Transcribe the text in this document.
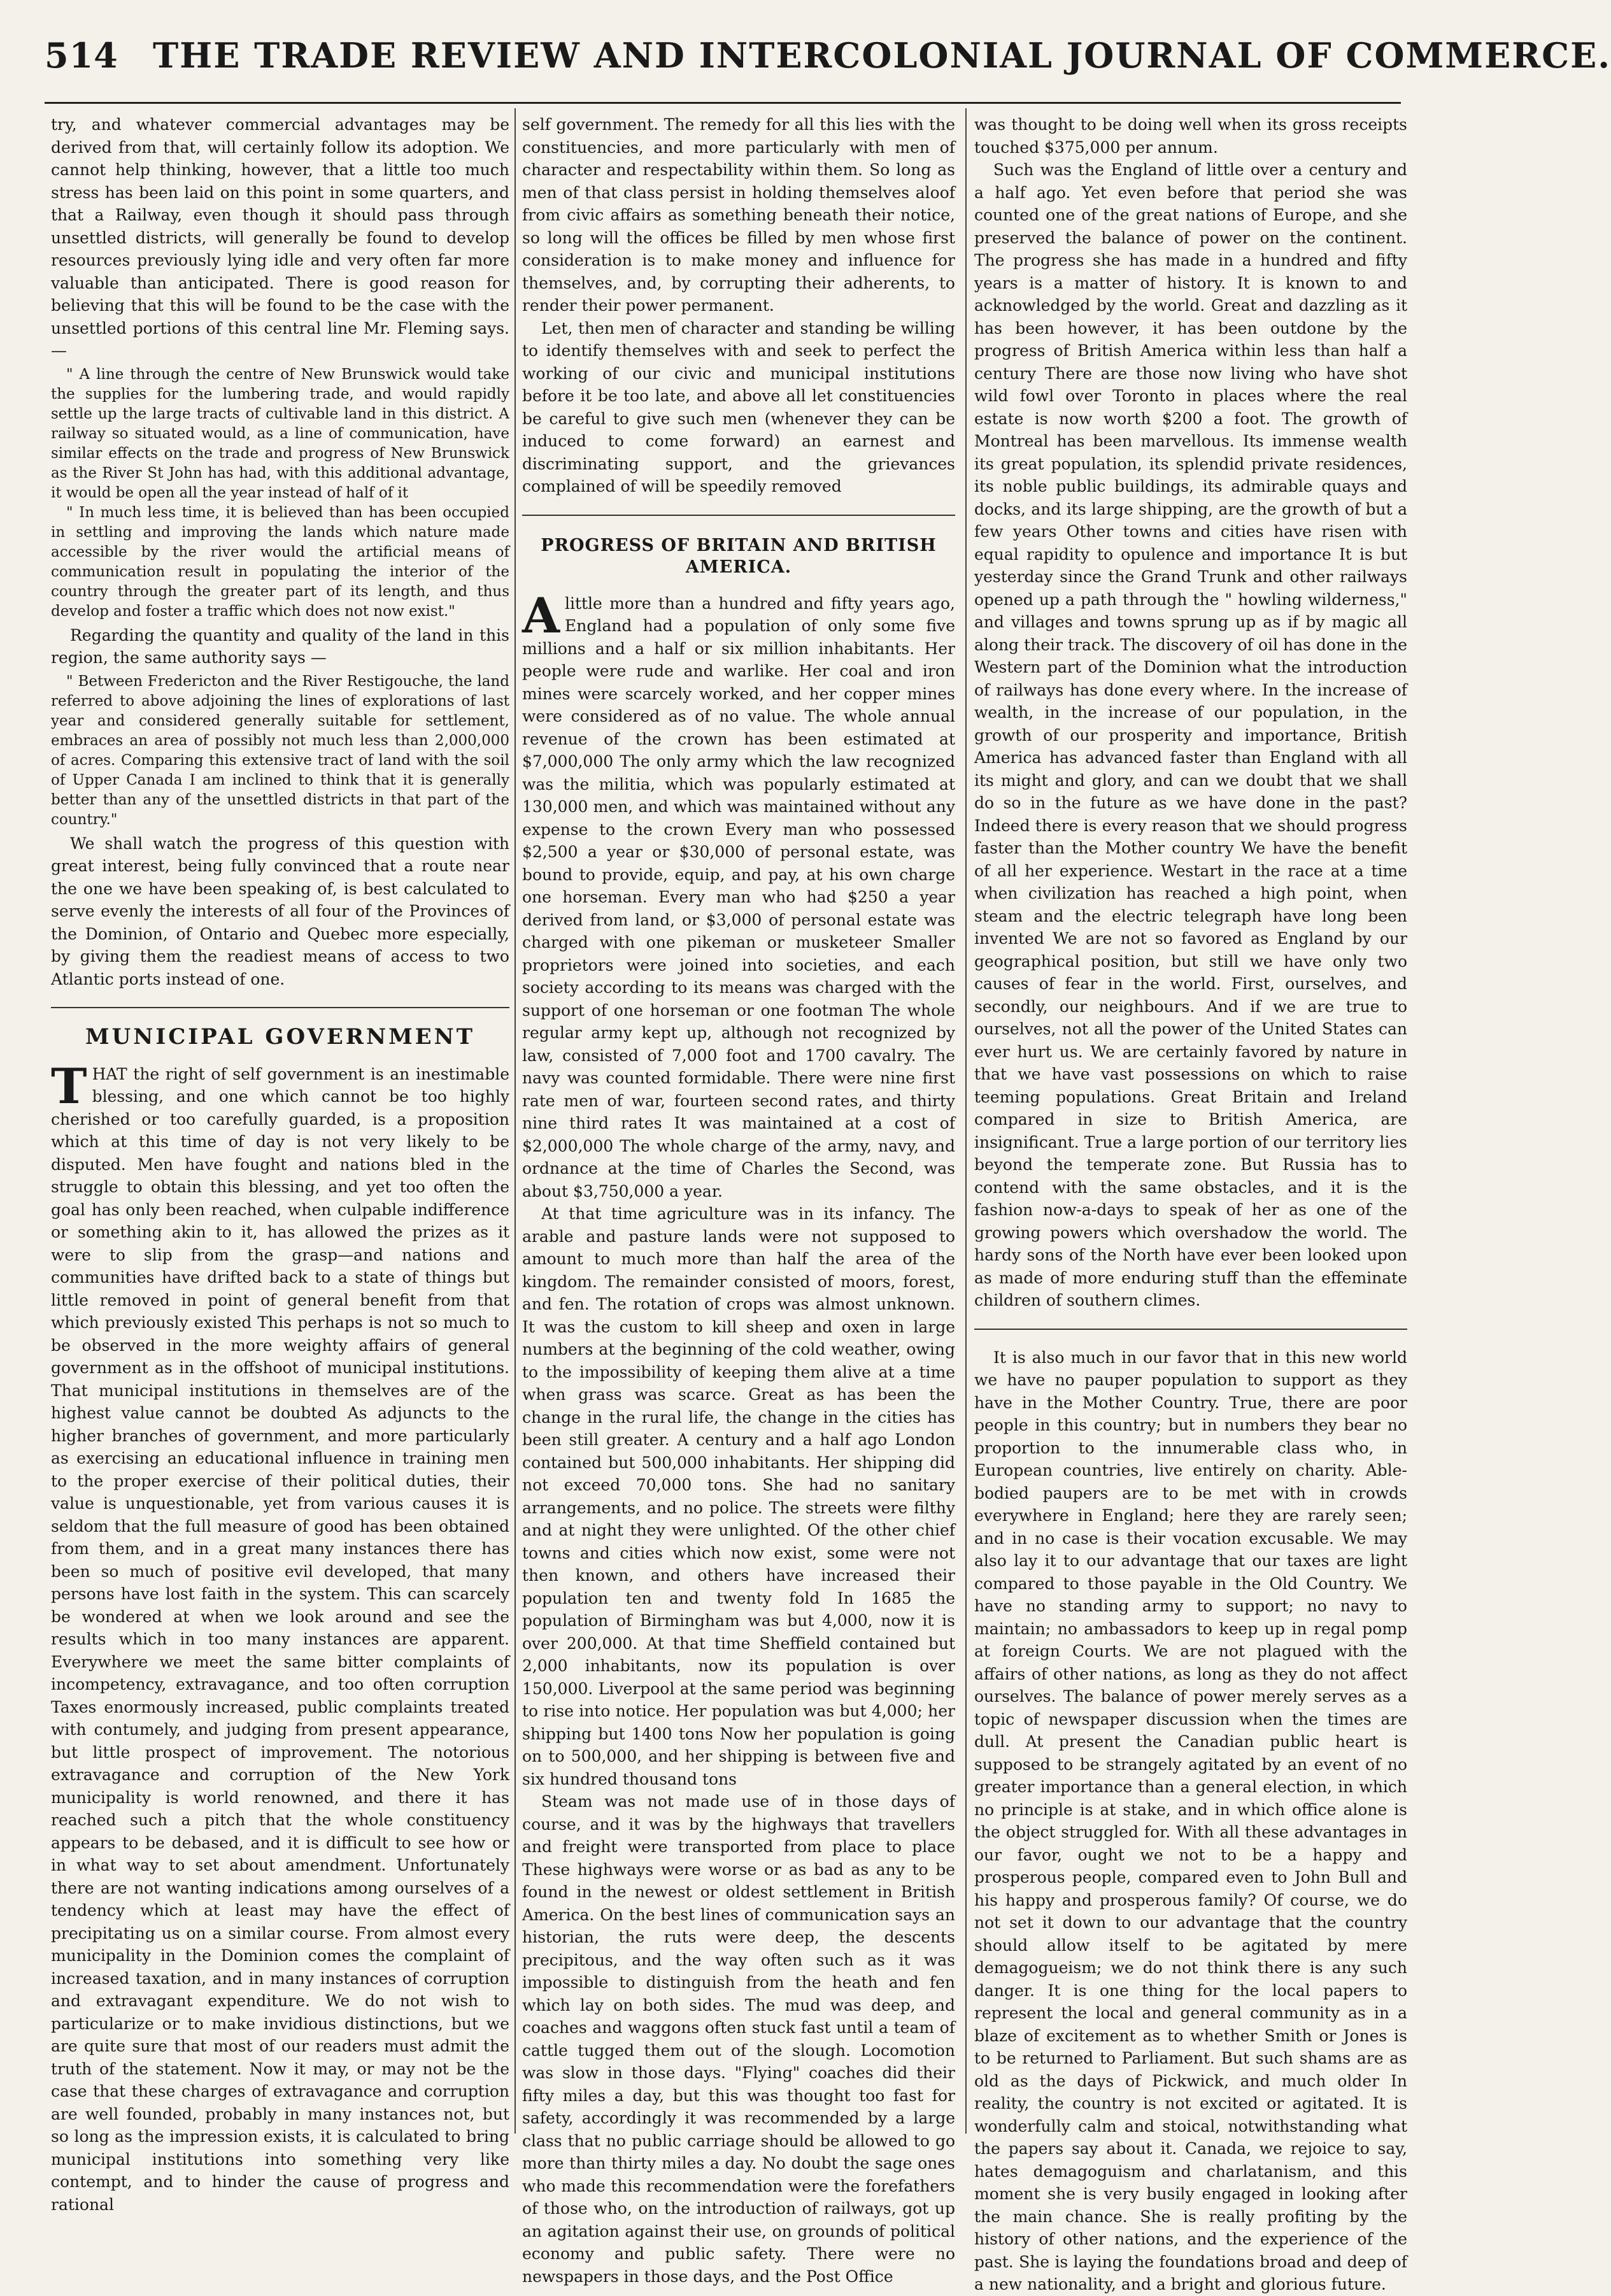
514 THE TRADE REVIEW AND INTERCOLONIAL JOURNAL OF COMMERCE.

try, and whatever commercial advantages may be derived from that, will certainly follow its adoption. We cannot help thinking, however, that a little too much stress has been laid on this point in some quarters, and that a Railway, even though it should pass through unsettled districts, will generally be found to develop resources previously lying idle and very often far more valuable than anticipated. There is good reason for believing that this will be found to be the case with the unsettled portions of this central line Mr. Fleming says.—

" A line through the centre of New Brunswick would take the supplies for the lumbering trade, and would rapidly settle up the large tracts of cultivable land in this district. A railway so situated would, as a line of communication, have similar effects on the trade and progress of New Brunswick as the River St John has had, with this additional advantage, it would be open all the year instead of half of it

" In much less time, it is believed than has been occupied in settling and improving the lands which nature made accessible by the river would the artificial means of communication result in populating the interior of the country through the greater part of its length, and thus develop and foster a traffic which does not now exist."

Regarding the quantity and quality of the land in this region, the same authority says —

" Between Fredericton and the River Restigouche, the land referred to above adjoining the lines of explorations of last year and considered generally suitable for settlement, embraces an area of possibly not much less than 2,000,000 of acres. Comparing this extensive tract of land with the soil of Upper Canada I am inclined to think that it is generally better than any of the unsettled districts in that part of the country."

We shall watch the progress of this question with great interest, being fully convinced that a route near the one we have been speaking of, is best calculated to serve evenly the interests of all four of the Provinces of the Dominion, of Ontario and Quebec more especially, by giving them the readiest means of access to two Atlantic ports instead of one.

MUNICIPAL GOVERNMENT

THAT the right of self government is an inestimable blessing, and one which cannot be too highly cherished or too carefully guarded, is a proposition which at this time of day is not very likely to be disputed. Men have fought and nations bled in the struggle to obtain this blessing, and yet too often the goal has only been reached, when culpable indifference or something akin to it, has allowed the prizes as it were to slip from the grasp—and nations and communities have drifted back to a state of things but little removed in point of general benefit from that which previously existed This perhaps is not so much to be observed in the more weighty affairs of general government as in the offshoot of municipal institutions. That municipal institutions in themselves are of the highest value cannot be doubted As adjuncts to the higher branches of government, and more particularly as exercising an educational influence in training men to the proper exercise of their political duties, their value is unquestionable, yet from various causes it is seldom that the full measure of good has been obtained from them, and in a great many instances there has been so much of positive evil developed, that many persons have lost faith in the system. This can scarcely be wondered at when we look around and see the results which in too many instances are apparent. Everywhere we meet the same bitter complaints of incompetency, extravagance, and too often corruption Taxes enormously increased, public complaints treated with contumely, and judging from present appearance, but little prospect of improvement. The notorious extravagance and corruption of the New York municipality is world renowned, and there it has reached such a pitch that the whole constituency appears to be debased, and it is difficult to see how or in what way to set about amendment. Unfortunately there are not wanting indications among ourselves of a tendency which at least may have the effect of precipitating us on a similar course. From almost every municipality in the Dominion comes the complaint of increased taxation, and in many instances of corruption and extravagant expenditure. We do not wish to particularize or to make invidious distinctions, but we are quite sure that most of our readers must admit the truth of the statement. Now it may, or may not be the case that these charges of extravagance and corruption are well founded, probably in many instances not, but so long as the impression exists, it is calculated to bring municipal institutions into something very like contempt, and to hinder the cause of progress and rational

self government. The remedy for all this lies with the constituencies, and more particularly with men of character and respectability within them. So long as men of that class persist in holding themselves aloof from civic affairs as something beneath their notice, so long will the offices be filled by men whose first consideration is to make money and influence for themselves, and, by corrupting their adherents, to render their power permanent.

Let, then men of character and standing be willing to identify themselves with and seek to perfect the working of our civic and municipal institutions before it be too late, and above all let constituencies be careful to give such men (whenever they can be induced to come forward) an earnest and discriminating support, and the grievances complained of will be speedily removed

PROGRESS OF BRITAIN AND BRITISH AMERICA.

Alittle more than a hundred and fifty years ago, England had a population of only some five millions and a half or six million inhabitants. Her people were rude and warlike. Her coal and iron mines were scarcely worked, and her copper mines were considered as of no value. The whole annual revenue of the crown has been estimated at $7,000,000 The only army which the law recognized was the militia, which was popularly estimated at 130,000 men, and which was maintained without any expense to the crown Every man who possessed $2,500 a year or $30,000 of personal estate, was bound to provide, equip, and pay, at his own charge one horseman. Every man who had $250 a year derived from land, or $3,000 of personal estate was charged with one pikeman or musketeer Smaller proprietors were joined into societies, and each society according to its means was charged with the support of one horseman or one footman The whole regular army kept up, although not recognized by law, consisted of 7,000 foot and 1700 cavalry. The navy was counted formidable. There were nine first rate men of war, fourteen second rates, and thirty nine third rates It was maintained at a cost of $2,000,000 The whole charge of the army, navy, and ordnance at the time of Charles the Second, was about $3,750,000 a year.

At that time agriculture was in its infancy. The arable and pasture lands were not supposed to amount to much more than half the area of the kingdom. The remainder consisted of moors, forest, and fen. The rotation of crops was almost unknown. It was the custom to kill sheep and oxen in large numbers at the beginning of the cold weather, owing to the impossibility of keeping them alive at a time when grass was scarce. Great as has been the change in the rural life, the change in the cities has been still greater. A century and a half ago London contained but 500,000 inhabitants. Her shipping did not exceed 70,000 tons. She had no sanitary arrangements, and no police. The streets were filthy and at night they were unlighted. Of the other chief towns and cities which now exist, some were not then known, and others have increased their population ten and twenty fold In 1685 the population of Birmingham was but 4,000, now it is over 200,000. At that time Sheffield contained but 2,000 inhabitants, now its population is over 150,000. Liverpool at the same period was beginning to rise into notice. Her population was but 4,000; her shipping but 1400 tons Now her population is going on to 500,000, and her shipping is between five and six hundred thousand tons

Steam was not made use of in those days of course, and it was by the highways that travellers and freight were transported from place to place These highways were worse or as bad as any to be found in the newest or oldest settlement in British America. On the best lines of communication says an historian, the ruts were deep, the descents precipitous, and the way often such as it was impossible to distinguish from the heath and fen which lay on both sides. The mud was deep, and coaches and waggons often stuck fast until a team of cattle tugged them out of the slough. Locomotion was slow in those days. "Flying" coaches did their fifty miles a day, but this was thought too fast for safety, accordingly it was recommended by a large class that no public carriage should be allowed to go more than thirty miles a day. No doubt the sage ones who made this recommendation were the forefathers of those who, on the introduction of railways, got up an agitation against their use, on grounds of political economy and public safety. There were no newspapers in those days, and the Post Office

was thought to be doing well when its gross receipts touched $375,000 per annum.

Such was the England of little over a century and a half ago. Yet even before that period she was counted one of the great nations of Europe, and she preserved the balance of power on the continent. The progress she has made in a hundred and fifty years is a matter of history. It is known to and acknowledged by the world. Great and dazzling as it has been however, it has been outdone by the progress of British America within less than half a century There are those now living who have shot wild fowl over Toronto in places where the real estate is now worth $200 a foot. The growth of Montreal has been marvellous. Its immense wealth its great population, its splendid private residences, its noble public buildings, its admirable quays and docks, and its large shipping, are the growth of but a few years Other towns and cities have risen with equal rapidity to opulence and importance It is but yesterday since the Grand Trunk and other railways opened up a path through the " howling wilderness," and villages and towns sprung up as if by magic all along their track. The discovery of oil has done in the Western part of the Dominion what the introduction of railways has done every where. In the increase of wealth, in the increase of our population, in the growth of our prosperity and importance, British America has advanced faster than England with all its might and glory, and can we doubt that we shall do so in the future as we have done in the past? Indeed there is every reason that we should progress faster than the Mother country We have the benefit of all her experience. Westart in the race at a time when civilization has reached a high point, when steam and the electric telegraph have long been invented We are not so favored as England by our geographical position, but still we have only two causes of fear in the world. First, ourselves, and secondly, our neighbours. And if we are true to ourselves, not all the power of the United States can ever hurt us. We are certainly favored by nature in that we have vast possessions on which to raise teeming populations. Great Britain and Ireland compared in size to British America, are insignificant. True a large portion of our territory lies beyond the temperate zone. But Russia has to contend with the same obstacles, and it is the fashion now-a-days to speak of her as one of the growing powers which overshadow the world. The hardy sons of the North have ever been looked upon as made of more enduring stuff than the effeminate children of southern climes.

It is also much in our favor that in this new world we have no pauper population to support as they have in the Mother Country. True, there are poor people in this country; but in numbers they bear no proportion to the innumerable class who, in European countries, live entirely on charity. Able-bodied paupers are to be met with in crowds everywhere in England; here they are rarely seen; and in no case is their vocation excusable. We may also lay it to our advantage that our taxes are light compared to those payable in the Old Country. We have no standing army to support; no navy to maintain; no ambassadors to keep up in regal pomp at foreign Courts. We are not plagued with the affairs of other nations, as long as they do not affect ourselves. The balance of power merely serves as a topic of newspaper discussion when the times are dull. At present the Canadian public heart is supposed to be strangely agitated by an event of no greater importance than a general election, in which no principle is at stake, and in which office alone is the object struggled for. With all these advantages in our favor, ought we not to be a happy and prosperous people, compared even to John Bull and his happy and prosperous family? Of course, we do not set it down to our advantage that the country should allow itself to be agitated by mere demagogueism; we do not think there is any such danger. It is one thing for the local papers to represent the local and general community as in a blaze of excitement as to whether Smith or Jones is to be returned to Parliament. But such shams are as old as the days of Pickwick, and much older In reality, the country is not excited or agitated. It is wonderfully calm and stoical, notwithstanding what the papers say about it. Canada, we rejoice to say, hates demagoguism and charlatanism, and this moment she is very busily engaged in looking after the main chance. She is really profiting by the history of other nations, and the experience of the past. She is laying the foundations broad and deep of a new nationality, and a bright and glorious future.
